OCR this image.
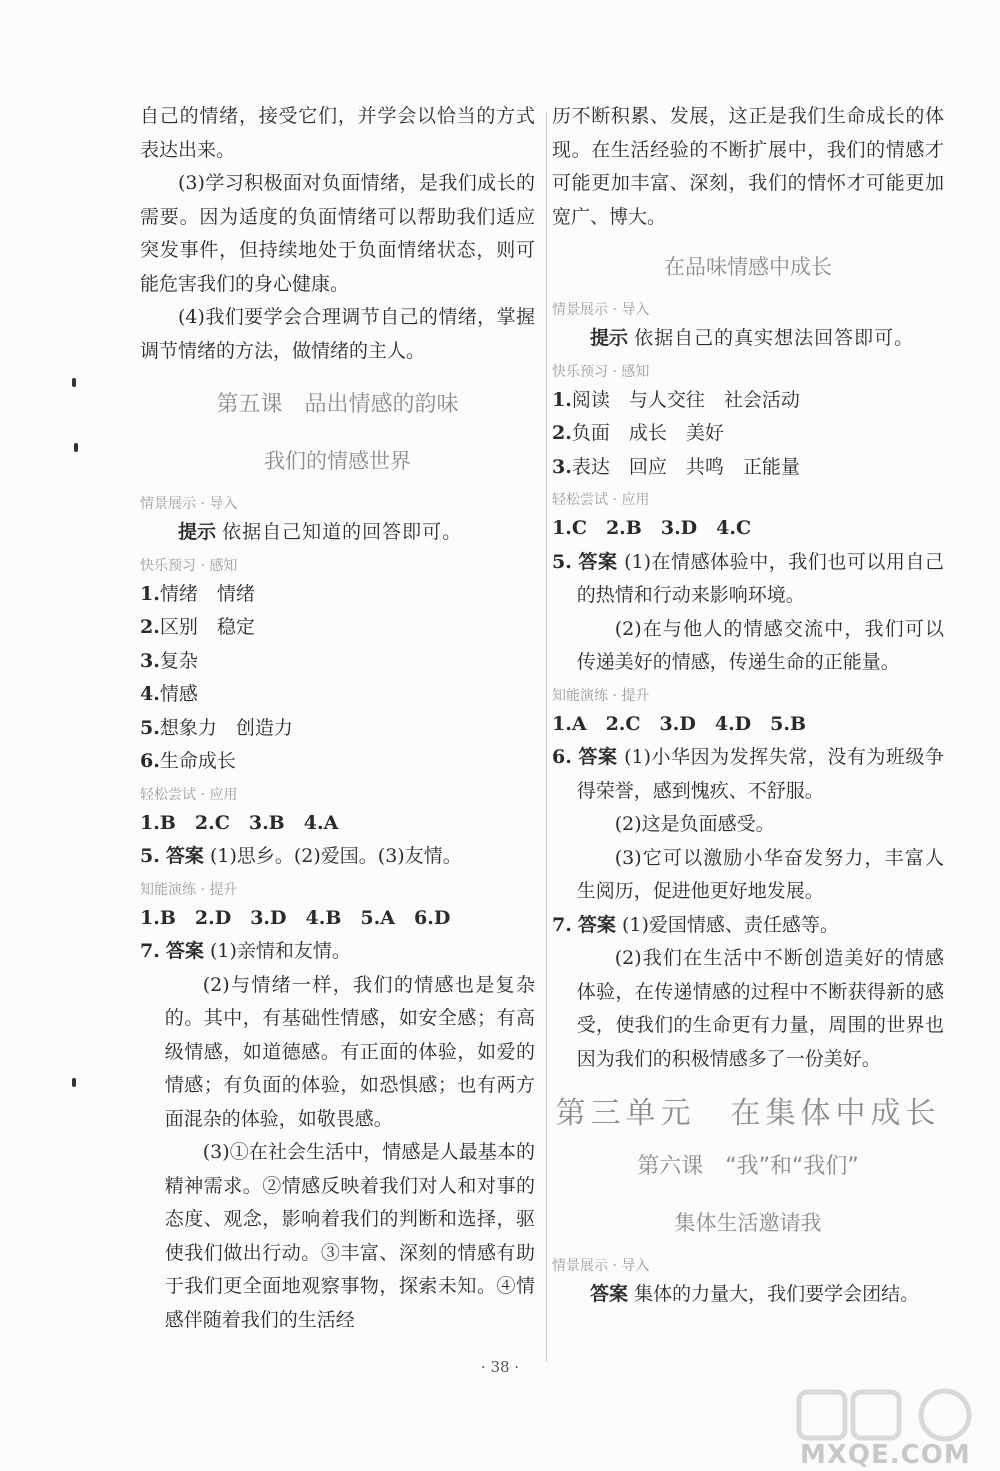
自己的情绪，接受它们，并学会以恰当的方式表达出来。

(3)学习积极面对负面情绪，是我们成长的需要。因为适度的负面情绪可以帮助我们适应突发事件，但持续地处于负面情绪状态，则可能危害我们的身心健康。

(4)我们要学会合理调节自己的情绪，掌握调节情绪的方法，做情绪的主人。

第五课　品出情感的韵味
我们的情感世界

情景展示 · 导入

提示 依据自己知道的回答即可。

快乐预习 · 感知

1.情绪　情绪

2.区别　稳定

3.复杂

4.情感

5.想象力　创造力

6.生命成长

轻松尝试 · 应用

1.B　2.C　3.B　4.A

5. 答案 (1)思乡。(2)爱国。(3)友情。

知能演练 · 提升

1.B　2.D　3.D　4.B　5.A　6.D

7. 答案 (1)亲情和友情。

(2)与情绪一样，我们的情感也是复杂的。其中，有基础性情感，如安全感；有高级情感，如道德感。有正面的体验，如爱的情感；有负面的体验，如恐惧感；也有两方面混杂的体验，如敬畏感。

(3)①在社会生活中，情感是人最基本的精神需求。②情感反映着我们对人和对事的态度、观念，影响着我们的判断和选择，驱使我们做出行动。③丰富、深刻的情感有助于我们更全面地观察事物，探索未知。④情感伴随着我们的生活经

历不断积累、发展，这正是我们生命成长的体现。在生活经验的不断扩展中，我们的情感才可能更加丰富、深刻，我们的情怀才可能更加宽广、博大。

在品味情感中成长

情景展示 · 导入

提示 依据自己的真实想法回答即可。

快乐预习 · 感知

1.阅读　与人交往　社会活动

2.负面　成长　美好

3.表达　回应　共鸣　正能量

轻松尝试 · 应用

1.C　2.B　3.D　4.C

5. 答案 (1)在情感体验中，我们也可以用自己的热情和行动来影响环境。

(2)在与他人的情感交流中，我们可以传递美好的情感，传递生命的正能量。

知能演练 · 提升

1.A　2.C　3.D　4.D　5.B

6. 答案 (1)小华因为发挥失常，没有为班级争得荣誉，感到愧疚、不舒服。

(2)这是负面感受。

(3)它可以激励小华奋发努力，丰富人生阅历，促进他更好地发展。

7. 答案 (1)爱国情感、责任感等。

(2)我们在生活中不断创造美好的情感体验，在传递情感的过程中不断获得新的感受，使我们的生命更有力量，周围的世界也因为我们的积极情感多了一份美好。

第三单元　在集体中成长
第六课　“我”和“我们”
集体生活邀请我

情景展示 · 导入

答案 集体的力量大，我们要学会团结。

· 38 ·
MXQE.COM
